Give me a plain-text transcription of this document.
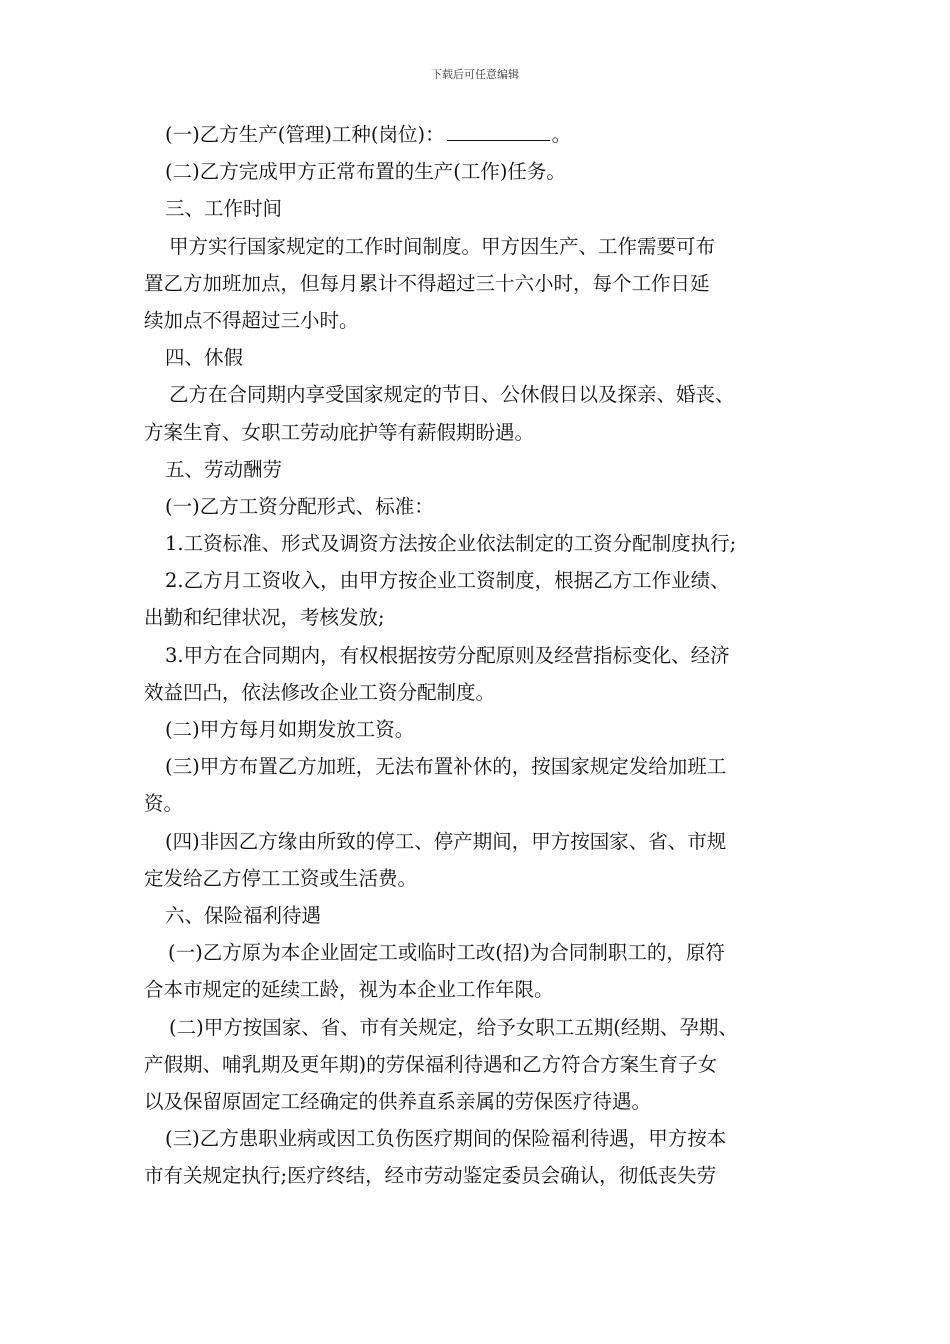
下载后可任意编辑
(一)乙方生产(管理)工种(岗位)：	。
(二)乙方完成甲方正常布置的生产(工作)任务。
三、工作时间
甲方实行国家规定的工作时间制度。甲方因生产、工作需要可布
置乙方加班加点，但每月累计不得超过三十六小时，每个工作日延
续加点不得超过三小时。
四、休假
乙方在合同期内享受国家规定的节日、公休假日以及探亲、婚丧、
方案生育、女职工劳动庇护等有薪假期盼遇。
五、劳动酬劳
(一)乙方工资分配形式、标准：
1.工资标准、形式及调资方法按企业依法制定的工资分配制度执行;
2.乙方月工资收入，由甲方按企业工资制度，根据乙方工作业绩、
出勤和纪律状况，考核发放;
3.甲方在合同期内，有权根据按劳分配原则及经营指标变化、经济
效益凹凸，依法修改企业工资分配制度。
(二)甲方每月如期发放工资。
(三)甲方布置乙方加班，无法布置补休的，按国家规定发给加班工
资。
(四)非因乙方缘由所致的停工、停产期间，甲方按国家、省、市规
定发给乙方停工工资或生活费。
六、保险福利待遇
(一)乙方原为本企业固定工或临时工改(招)为合同制职工的，原符
合本市规定的延续工龄，视为本企业工作年限。
(二)甲方按国家、省、市有关规定，给予女职工五期(经期、孕期、
产假期、哺乳期及更年期)的劳保福利待遇和乙方符合方案生育子女
以及保留原固定工经确定的供养直系亲属的劳保医疗待遇。
(三)乙方患职业病或因工负伤医疗期间的保险福利待遇，甲方按本
市有关规定执行;医疗终结，经市劳动鉴定委员会确认，彻低丧失劳
